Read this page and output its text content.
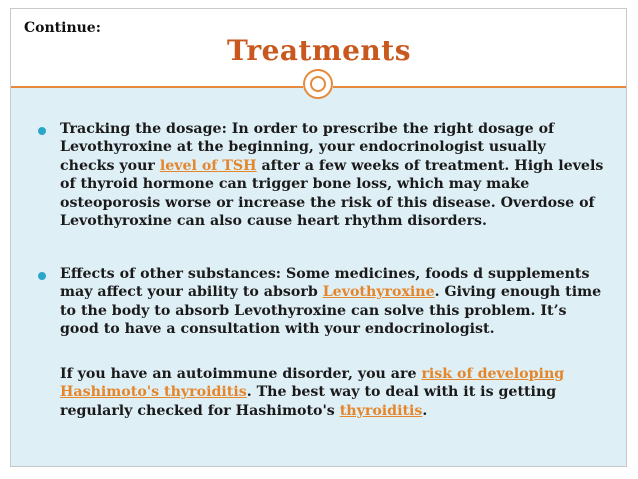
Continue:
Treatments
Tracking the dosage: In order to prescribe the right dosage of Levothyroxine at the beginning, your endocrinologist usually checks your level of TSH after a few weeks of treatment. High levels of thyroid hormone can trigger bone loss, which may make osteoporosis worse or increase the risk of this disease. Overdose of Levothyroxine can also cause heart rhythm disorders.
Effects of other substances: Some medicines, foods d supplements may affect your ability to absorb Levothyroxine. Giving enough time to the body to absorb Levothyroxine can solve this problem. It’s good to have a consultation with your endocrinologist.
If you have an autoimmune disorder, you are risk of developing Hashimoto's thyroiditis. The best way to deal with it is getting regularly checked for Hashimoto's thyroiditis.
